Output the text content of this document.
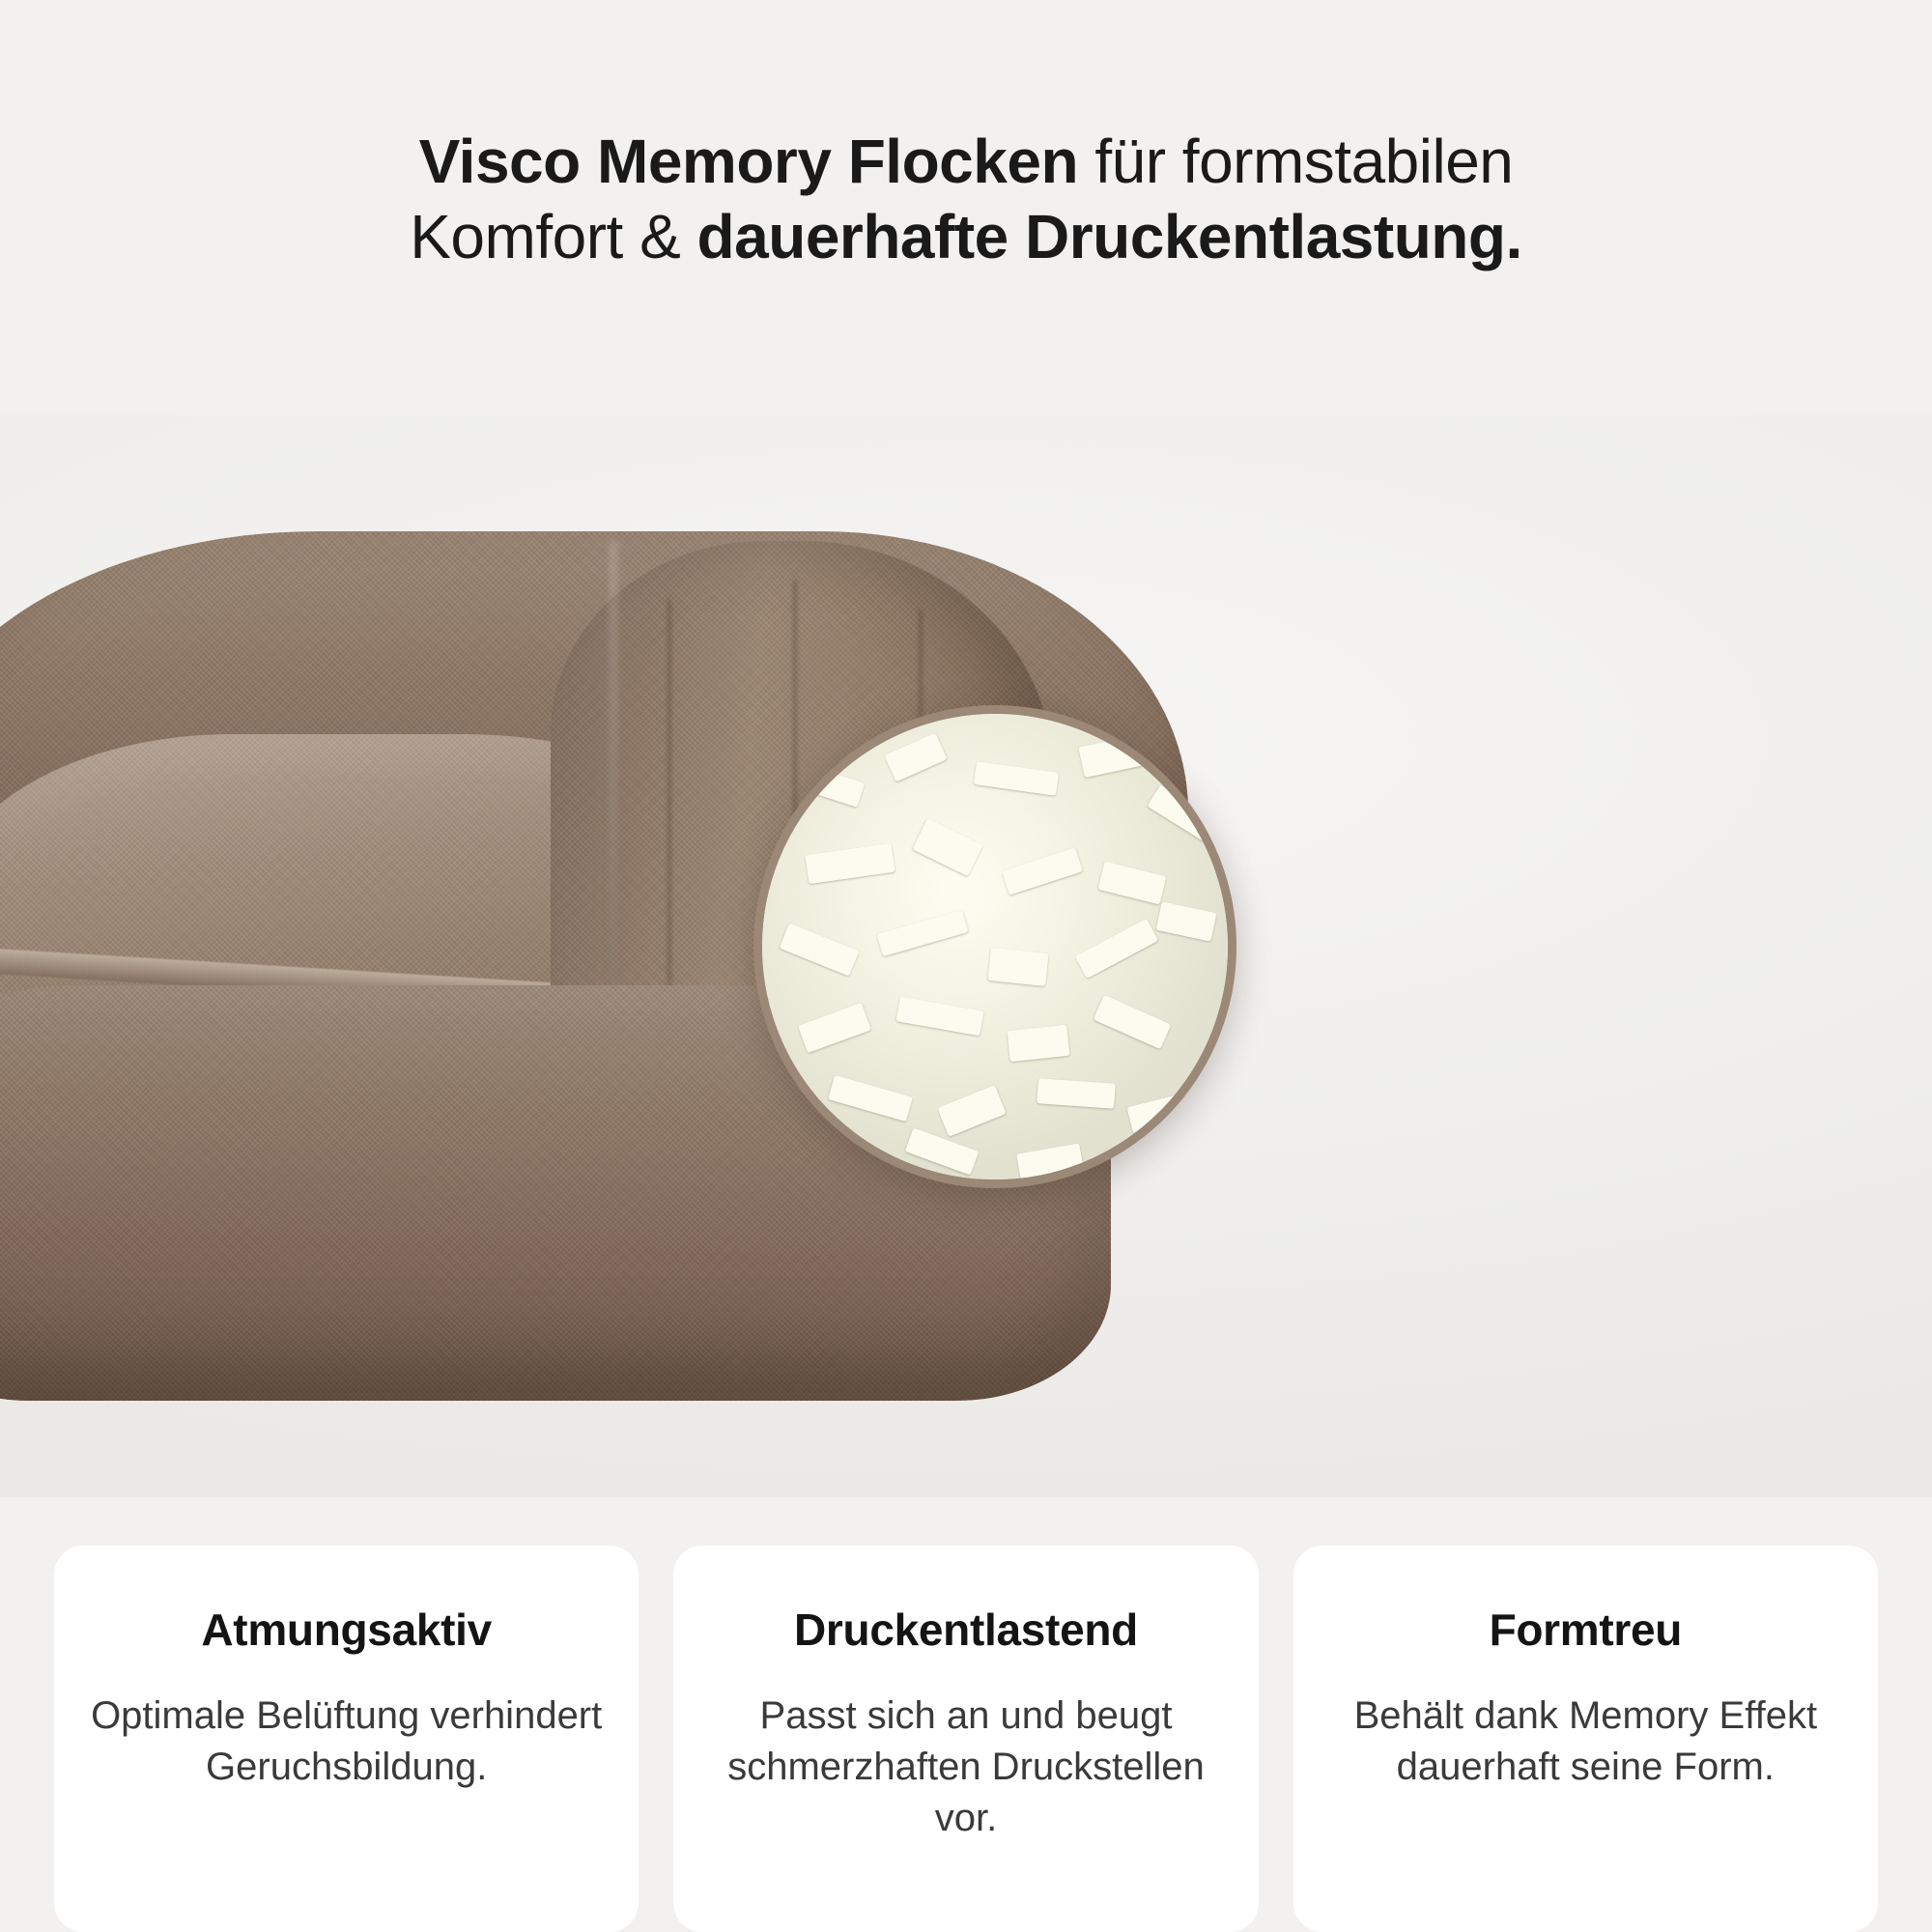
Visco Memory Flocken für formstabilen
Komfort & dauerhafte Druckentlastung.
Atmungsaktiv
Optimale Belüftung verhindert Geruchsbildung.
Druckentlastend
Passt sich an und beugt schmerzhaften Druckstellen vor.
Formtreu
Behält dank Memory Effekt dauerhaft seine Form.
